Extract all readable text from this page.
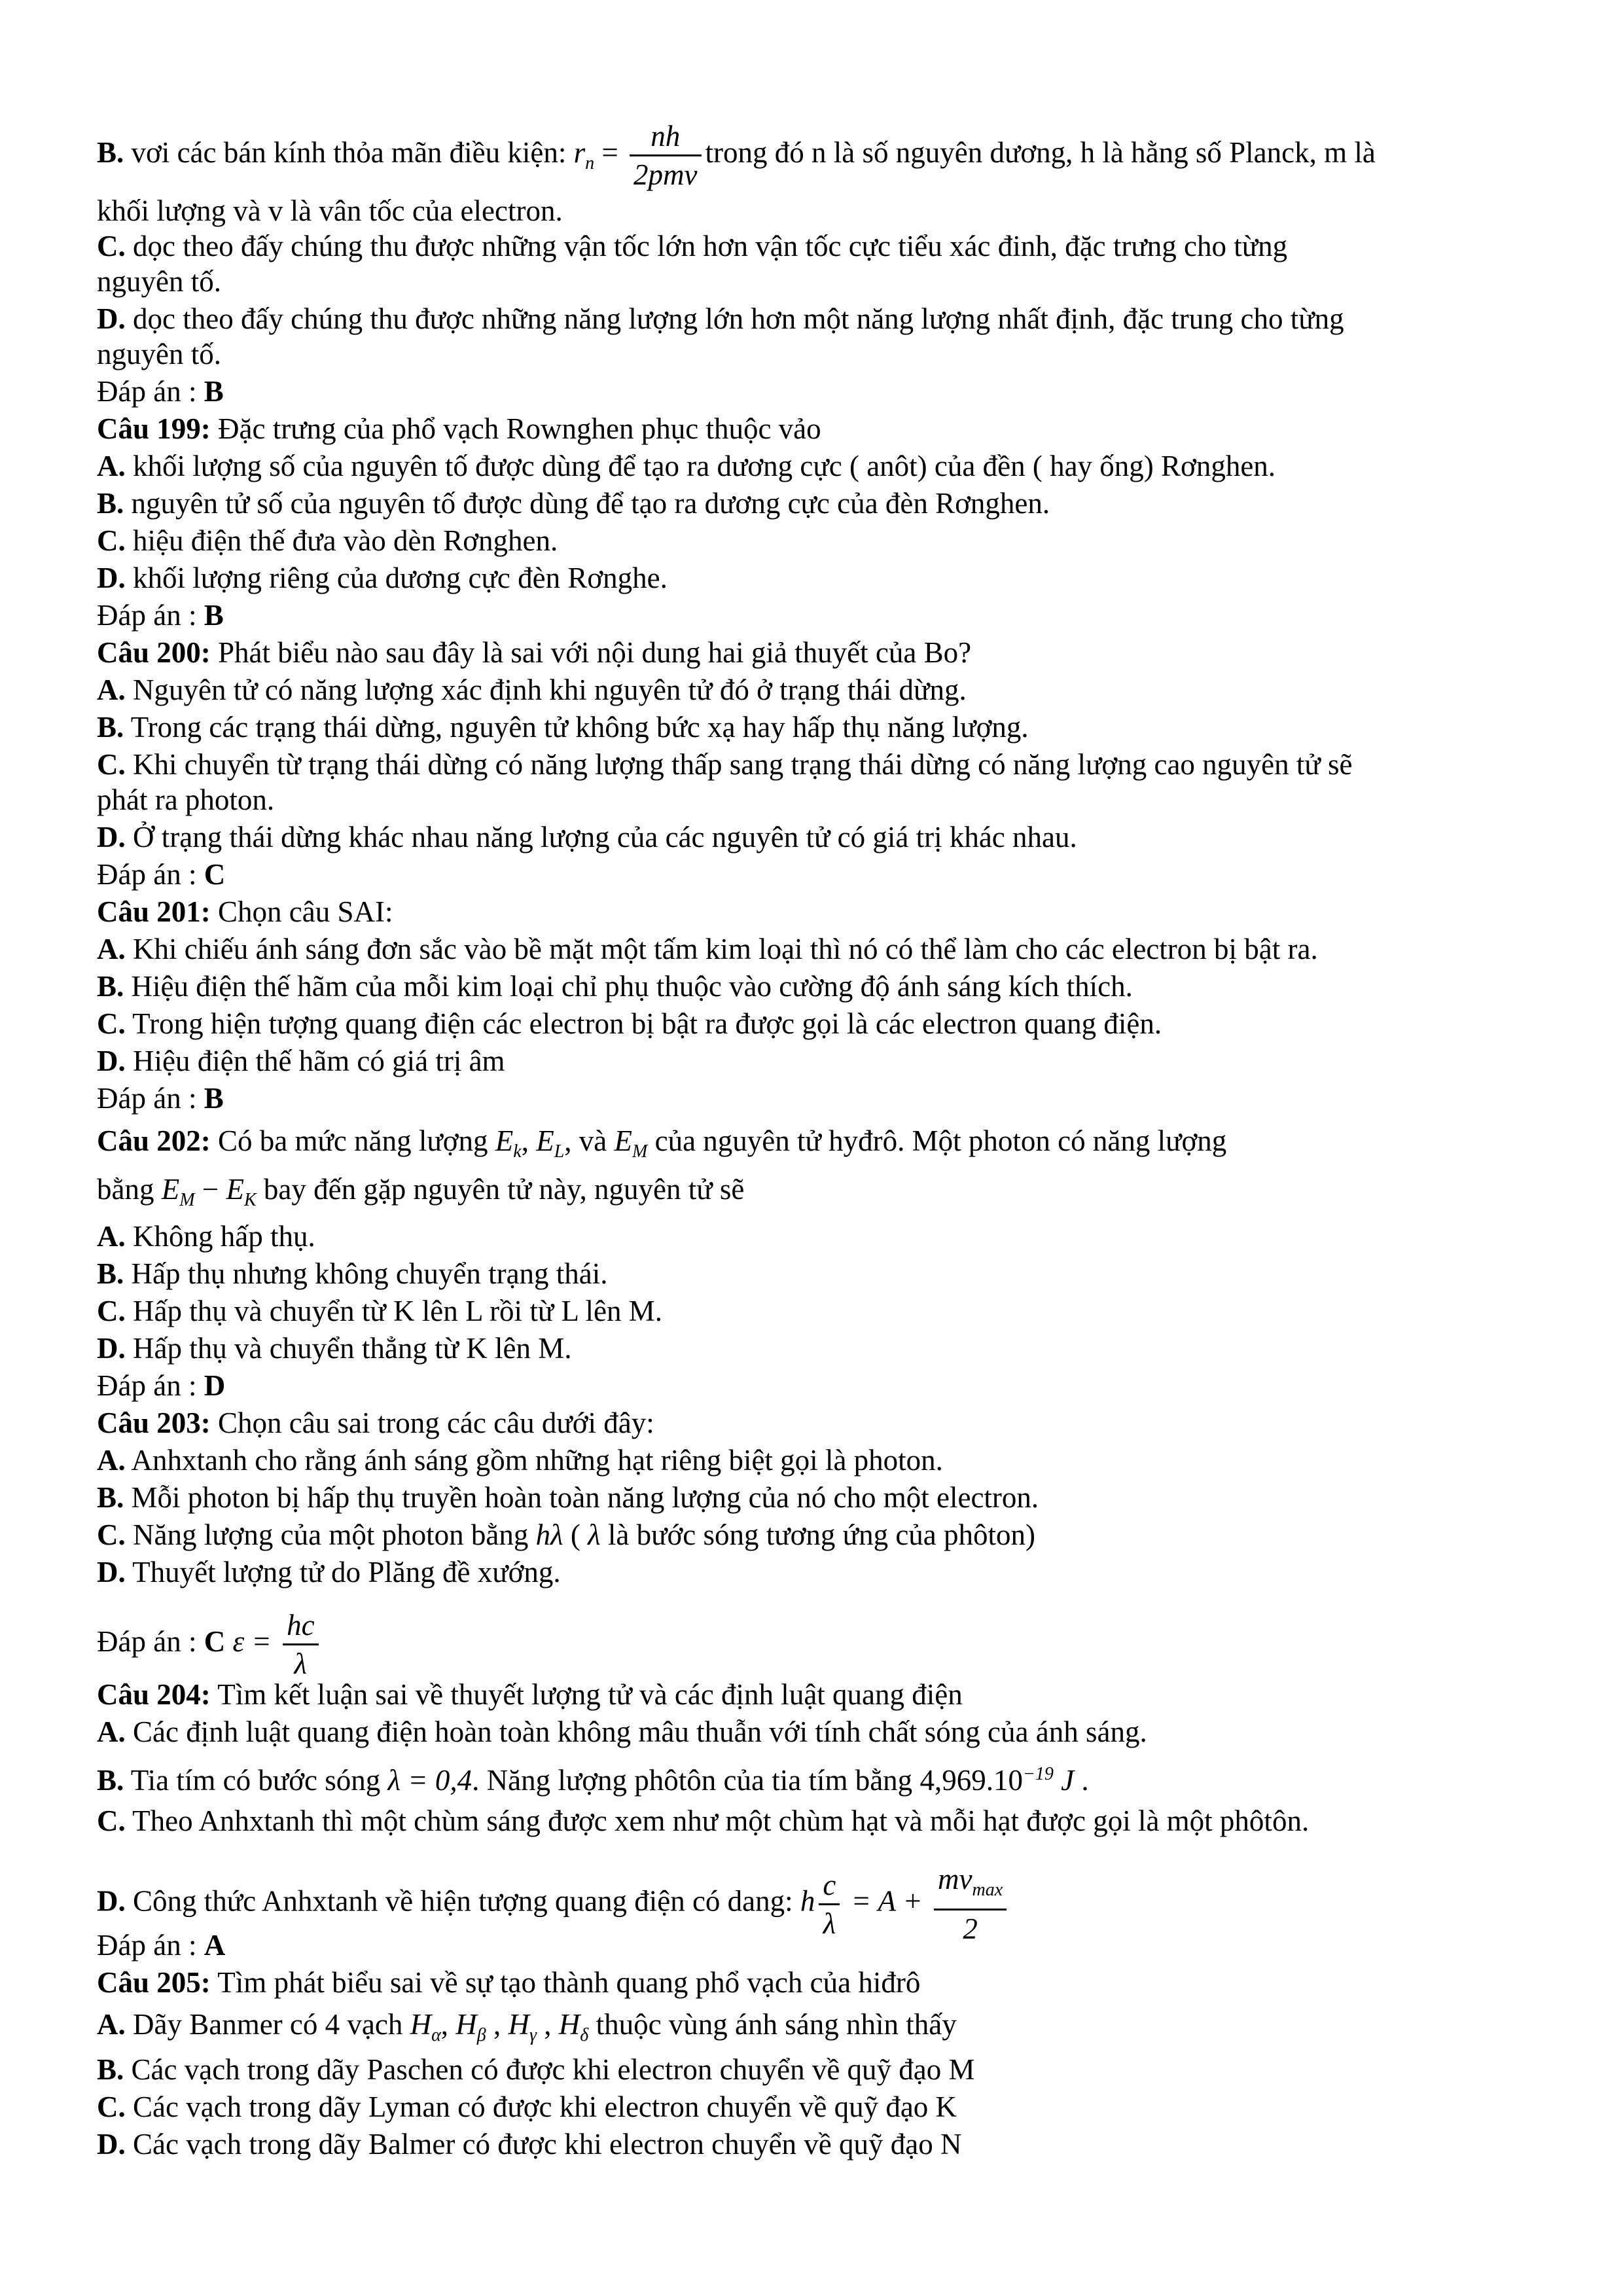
B. vơi các bán kính thỏa mãn điều kiện: $r_n = \frac{nh}{\text{2pmv}}$ trong đó n là số nguyên dương, h là hằng số Planck, m là
khối lượng và v là vân tốc của electron.
C. dọc theo đấy chúng thu được những vận tốc lớn hơn vận tốc cực tiểu xác đinh, đặc trưng cho từng
nguyên tố.
D. dọc theo đấy chúng thu được những năng lượng lớn hơn một năng lượng nhất định, đặc trung cho từng
nguyên tố.
Đáp án : B
Câu 199: Đặc trưng của phổ vạch Rownghen phục thuộc vảo
A. khối lượng số của nguyên tố được dùng để tạo ra dương cực ( anôt) của đền ( hay ống) Rơnghen.
B. nguyên tử số của nguyên tố được dùng để tạo ra dương cực của đèn Rơnghen.
C. hiệu điện thế đưa vào dèn Rơnghen.
D. khối lượng riêng của dương cực đèn Rơnghe.
Đáp án : B
Câu 200: Phát biểu nào sau đây là sai với nội dung hai giả thuyết của Bo?
A. Nguyên tử có năng lượng xác định khi nguyên tử đó ở trạng thái dừng.
B. Trong các trạng thái dừng, nguyên tử không bức xạ hay hấp thụ năng lượng.
C. Khi chuyển từ trạng thái dừng có năng lượng thấp sang trạng thái dừng có năng lượng cao nguyên tử sẽ
phát ra photon.
D. Ở trạng thái dừng khác nhau năng lượng của các nguyên tử có giá trị khác nhau.
Đáp án : C
Câu 201: Chọn câu SAI:
A. Khi chiếu ánh sáng đơn sắc vào bề mặt một tấm kim loại thì nó có thể làm cho các electron bị bật ra.
B. Hiệu điện thế hãm của mỗi kim loại chỉ phụ thuộc vào cường độ ánh sáng kích thích.
C. Trong hiện tượng quang điện các electron bị bật ra được gọi là các electron quang điện.
D. Hiệu điện thế hãm có giá trị âm
Đáp án : B
Câu 202: Có ba mức năng lượng $E_k$, $E_L$, và $E_M$ của nguyên tử hyđrô. Một photon có năng lượng
bằng $E_M - E_K$ bay đến gặp nguyên tử này, nguyên tử sẽ
A. Không hấp thụ.
B. Hấp thụ nhưng không chuyển trạng thái.
C. Hấp thụ và chuyển từ K lên L rồi từ L lên M.
D. Hấp thụ và chuyển thẳng từ K lên M.
Đáp án : D
Câu 203: Chọn câu sai trong các câu dưới đây:
A. Anhxtanh cho rằng ánh sáng gồm những hạt riêng biệt gọi là photon.
B. Mỗi photon bị hấp thụ truyền hoàn toàn năng lượng của nó cho một electron.
C. Năng lượng của một photon bằng hλ ( λ là bước sóng tương ứng của phôton)
D. Thuyết lượng tử do Plăng đề xướng.
Đáp án : C $\varepsilon = \frac{hc}{\lambda}$
Câu 204: Tìm kết luận sai về thuyết lượng tử và các định luật quang điện
A. Các định luật quang điện hoàn toàn không mâu thuẫn với tính chất sóng của ánh sáng.
B. Tia tím có bước sóng λ = 0,4. Năng lượng phôtôn của tia tím bằng $4,969.10^{-19}$ J .
C. Theo Anhxtanh thì một chùm sáng được xem như một chùm hạt và mỗi hạt được gọi là một phôtôn.
D. Công thức Anhxtanh về hiện tượng quang điện có dang: h $\frac{c}{\lambda} = A + \frac{mv_{max}}{2}$
Đáp án : A
Câu 205: Tìm phát biểu sai về sự tạo thành quang phổ vạch của hiđrô
A. Dãy Banmer có 4 vạch $H_\alpha$, $H_\beta$ , $H_\gamma$ , $H_\delta$ thuộc vùng ánh sáng nhìn thấy
B. Các vạch trong dãy Paschen có được khi electron chuyển về quỹ đạo M
C. Các vạch trong dãy Lyman có được khi electron chuyển về quỹ đạo K
D. Các vạch trong dãy Balmer có được khi electron chuyển về quỹ đạo N
